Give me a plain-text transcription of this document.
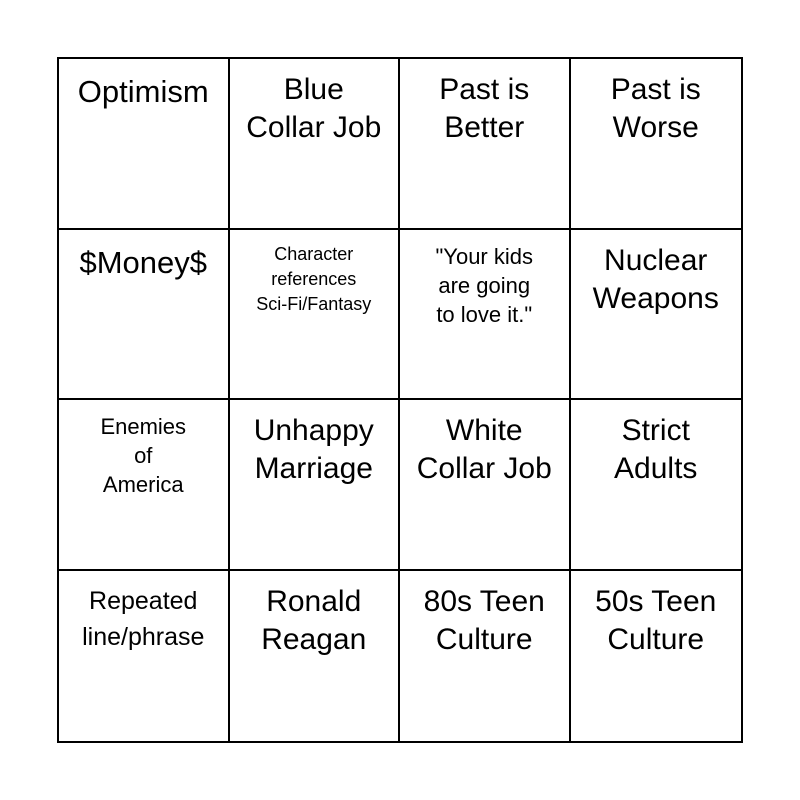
Optimism	Blue
Collar Job
Past is
Better
Past is
Worse
$Money$	Character
references
Sci-Fi/Fantasy
"Your kids
are going
to love it."
Nuclear
Weapons
Enemies
of
America
Unhappy
Marriage
White
Collar Job
Strict
Adults
Repeated
line/phrase
Ronald
Reagan
80s Teen
Culture
50s Teen
Culture
